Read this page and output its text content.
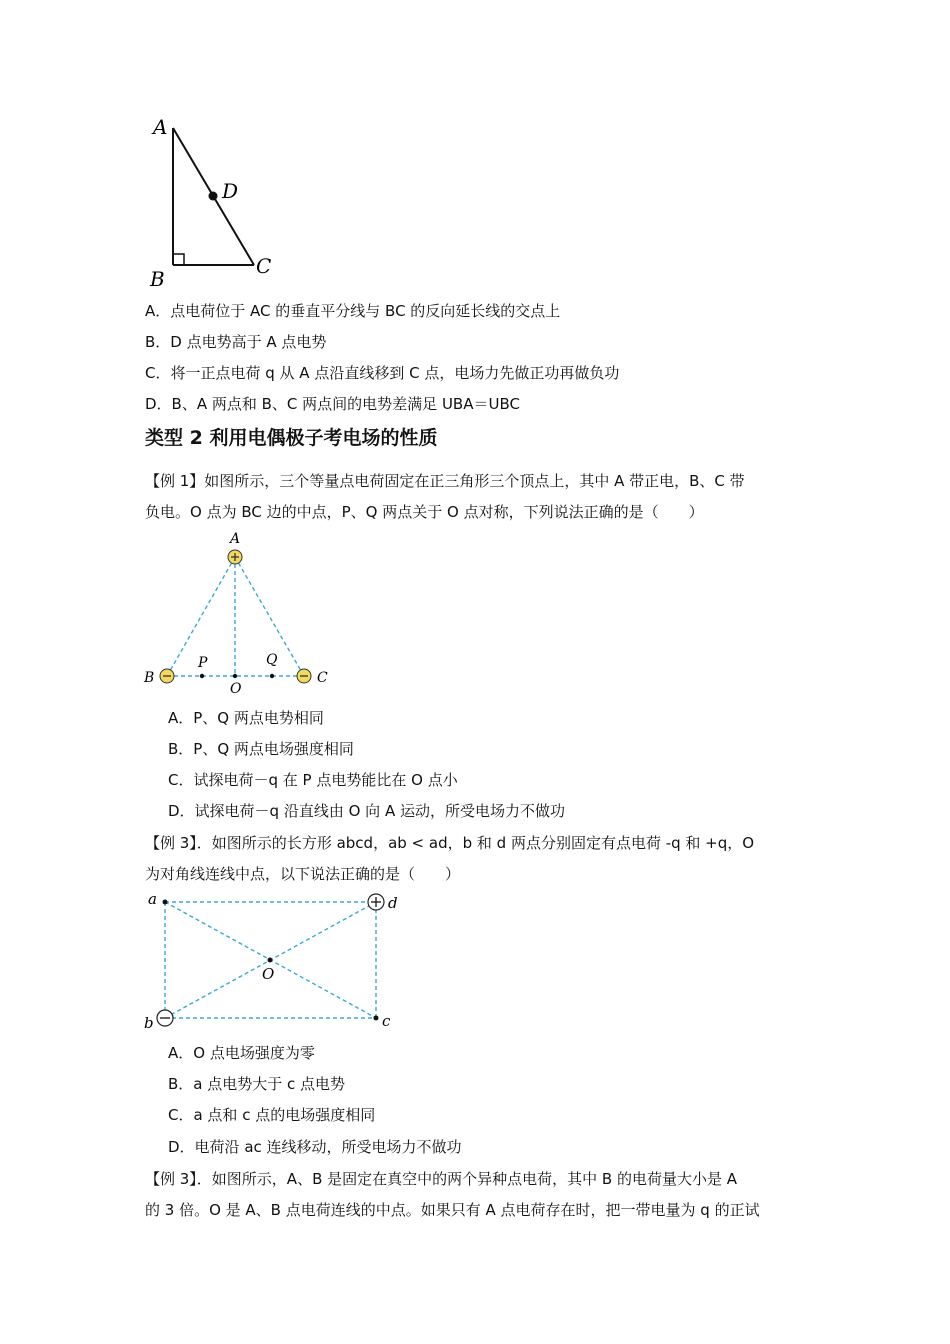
A
D
B
C
A．点电荷位于 AC 的垂直平分线与 BC 的反向延长线的交点上
B．D 点电势高于 A 点电势
C．将一正点电荷 q 从 A 点沿直线移到 C 点，电场力先做正功再做负功
D．B、A 两点和 B、C 两点间的电势差满足 UBA＝UBC
类型 2 利用电偶极子考电场的性质
【例 1】如图所示，三个等量点电荷固定在正三角形三个顶点上，其中 A 带正电，B、C 带
负电。O 点为 BC 边的中点，P、Q 两点关于 O 点对称，下列说法正确的是（　　）
A
B	C
O
P	Q
A．P、Q 两点电势相同
B．P、Q 两点电场强度相同
C．试探电荷－q 在 P 点电势能比在 O 点小
D．试探电荷－q 沿直线由 O 向 A 运动，所受电场力不做功
【例 3】．如图所示的长方形 abcd，ab < ad，b 和 d 两点分别固定有点电荷 -q 和 +q，O
为对角线连线中点，以下说法正确的是（　　）
a	d
b	c
O
A．O 点电场强度为零
B．a 点电势大于 c 点电势
C．a 点和 c 点的电场强度相同
D．电荷沿 ac 连线移动，所受电场力不做功
【例 3】．如图所示，A、B 是固定在真空中的两个异种点电荷，其中 B 的电荷量大小是 A
的 3 倍。O 是 A、B 点电荷连线的中点。如果只有 A 点电荷存在时，把一带电量为 q 的正试
